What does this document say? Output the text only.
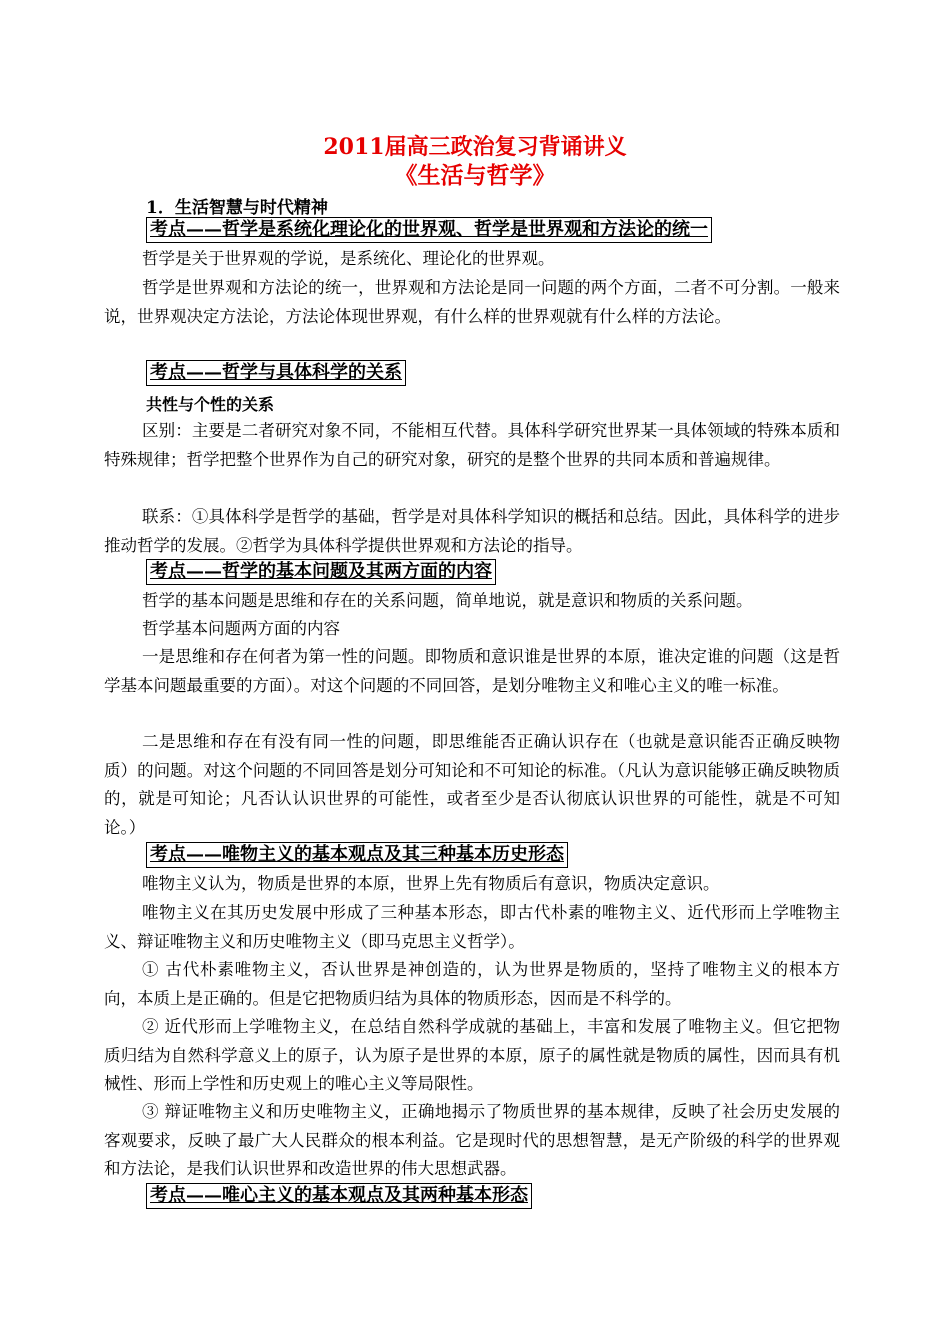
2011届高三政治复习背诵讲义
《生活与哲学》
1．生活智慧与时代精神
考点——哲学是系统化理论化的世界观、哲学是世界观和方法论的统一

哲学是关于世界观的学说，是系统化、理论化的世界观。

哲学是世界观和方法论的统一，世界观和方法论是同一问题的两个方面，二者不可分割。一般来说，世界观决定方法论，方法论体现世界观，有什么样的世界观就有什么样的方法论。

考点——哲学与具体科学的关系
共性与个性的关系

区别：主要是二者研究对象不同，不能相互代替。具体科学研究世界某一具体领域的特殊本质和特殊规律；哲学把整个世界作为自己的研究对象，研究的是整个世界的共同本质和普遍规律。

联系：①具体科学是哲学的基础，哲学是对具体科学知识的概括和总结。因此，具体科学的进步推动哲学的发展。②哲学为具体科学提供世界观和方法论的指导。

考点——哲学的基本问题及其两方面的内容

哲学的基本问题是思维和存在的关系问题，简单地说，就是意识和物质的关系问题。

哲学基本问题两方面的内容

一是思维和存在何者为第一性的问题。即物质和意识谁是世界的本原，谁决定谁的问题（这是哲学基本问题最重要的方面）。对这个问题的不同回答，是划分唯物主义和唯心主义的唯一标准。

二是思维和存在有没有同一性的问题，即思维能否正确认识存在（也就是意识能否正确反映物质）的问题。对这个问题的不同回答是划分可知论和不可知论的标准。（凡认为意识能够正确反映物质的，就是可知论；凡否认认识世界的可能性，或者至少是否认彻底认识世界的可能性，就是不可知论。）

考点——唯物主义的基本观点及其三种基本历史形态

唯物主义认为，物质是世界的本原，世界上先有物质后有意识，物质决定意识。

唯物主义在其历史发展中形成了三种基本形态，即古代朴素的唯物主义、近代形而上学唯物主义、辩证唯物主义和历史唯物主义（即马克思主义哲学）。

① 古代朴素唯物主义，否认世界是神创造的，认为世界是物质的，坚持了唯物主义的根本方向，本质上是正确的。但是它把物质归结为具体的物质形态，因而是不科学的。

② 近代形而上学唯物主义，在总结自然科学成就的基础上，丰富和发展了唯物主义。但它把物质归结为自然科学意义上的原子，认为原子是世界的本原，原子的属性就是物质的属性，因而具有机械性、形而上学性和历史观上的唯心主义等局限性。

③ 辩证唯物主义和历史唯物主义，正确地揭示了物质世界的基本规律，反映了社会历史发展的客观要求，反映了最广大人民群众的根本利益。它是现时代的思想智慧，是无产阶级的科学的世界观和方法论，是我们认识世界和改造世界的伟大思想武器。

考点——唯心主义的基本观点及其两种基本形态
